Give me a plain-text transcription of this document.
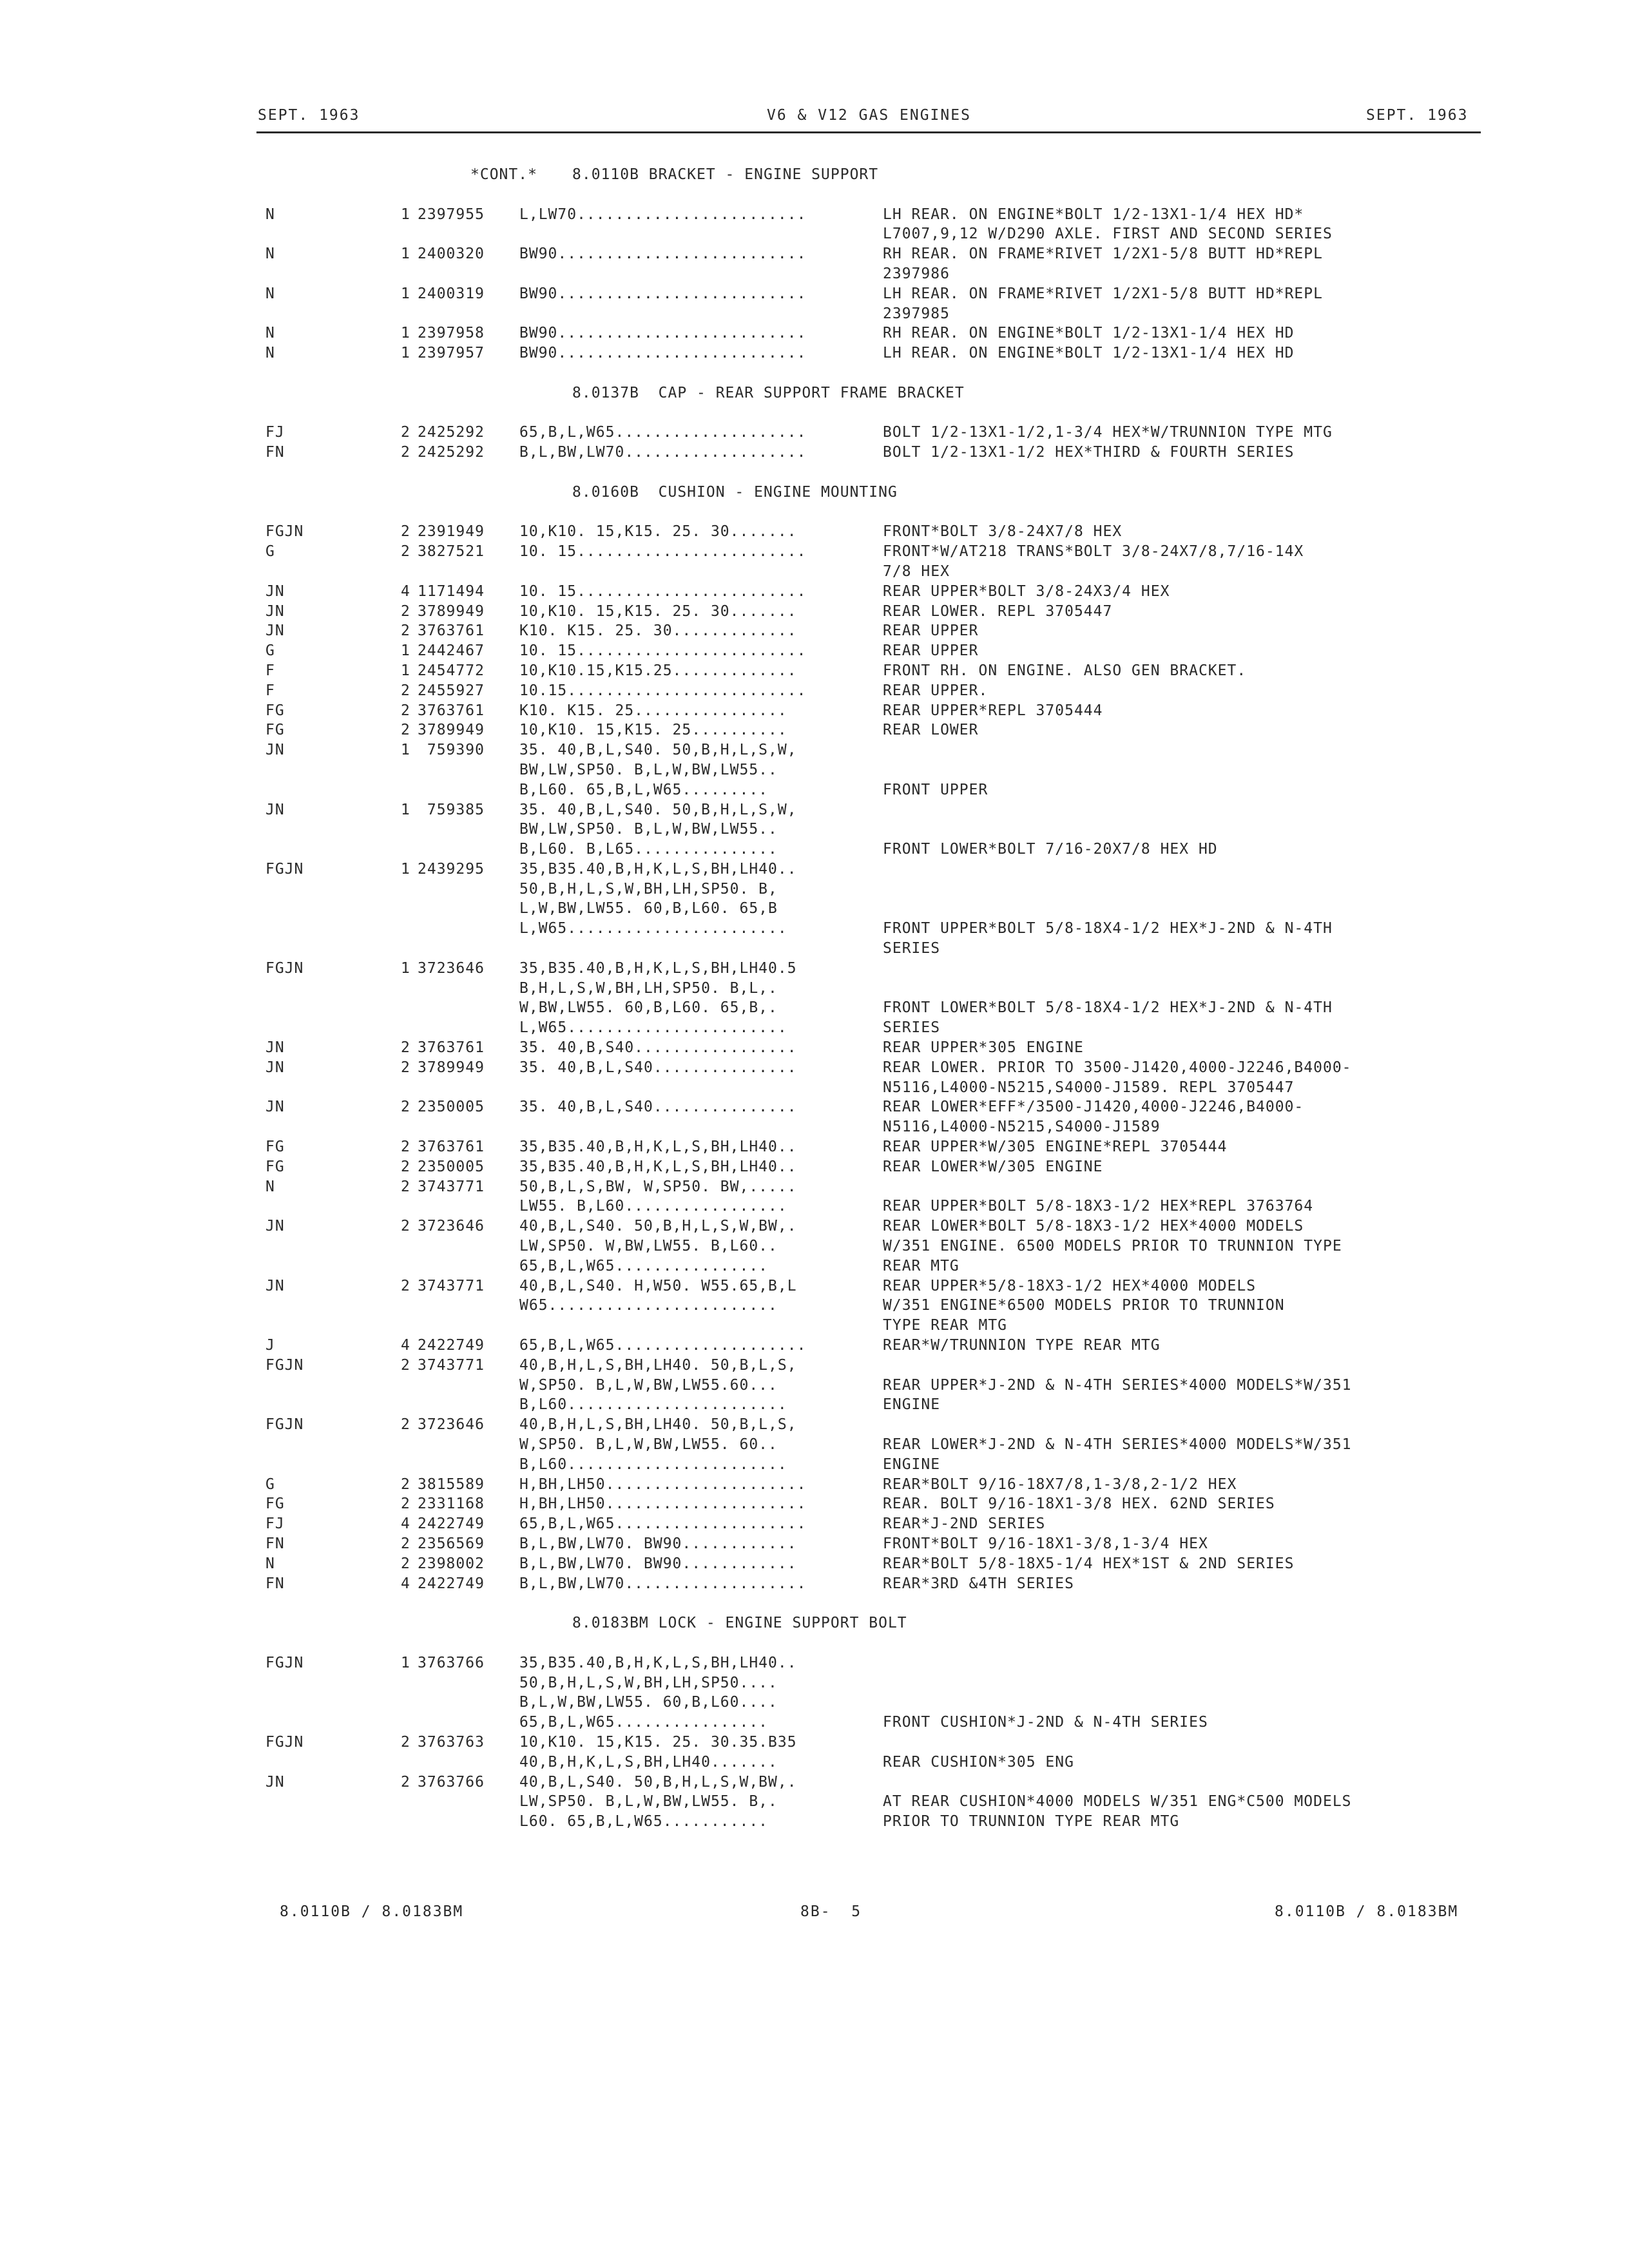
SEPT. 1963	V6 & V12 GAS ENGINES	SEPT. 1963
*CONT.* 8.0110B BRACKET - ENGINE SUPPORT
N	1 2397955 L,LW70........................	LH REAR. ON ENGINE*BOLT 1/2-13X1-1/4 HEX HD*
L7007,9,12 W/D290 AXLE. FIRST AND SECOND SERIES
N	1 2400320 BW90..........................	RH REAR. ON FRAME*RIVET 1/2X1-5/8 BUTT HD*REPL
2397986
N	1 2400319 BW90..........................	LH REAR. ON FRAME*RIVET 1/2X1-5/8 BUTT HD*REPL
2397985
N	1 2397958 BW90..........................	RH REAR. ON ENGINE*BOLT 1/2-13X1-1/4 HEX HD
N	1 2397957 BW90..........................	LH REAR. ON ENGINE*BOLT 1/2-13X1-1/4 HEX HD
8.0137B  CAP - REAR SUPPORT FRAME BRACKET
FJ	2 2425292 65,B,L,W65....................	BOLT 1/2-13X1-1/2,1-3/4 HEX*W/TRUNNION TYPE MTG
FN	2 2425292 B,L,BW,LW70...................	BOLT 1/2-13X1-1/2 HEX*THIRD & FOURTH SERIES
8.0160B  CUSHION - ENGINE MOUNTING
FGJN	2 2391949 10,K10. 15,K15. 25. 30.......	FRONT*BOLT 3/8-24X7/8 HEX
G	2 3827521 10. 15........................	FRONT*W/AT218 TRANS*BOLT 3/8-24X7/8,7/16-14X
7/8 HEX
JN	4 1171494 10. 15........................	REAR UPPER*BOLT 3/8-24X3/4 HEX
JN	2 3789949 10,K10. 15,K15. 25. 30.......	REAR LOWER. REPL 3705447
JN	2 3763761 K10. K15. 25. 30.............	REAR UPPER
G	1 2442467 10. 15........................	REAR UPPER
F	1 2454772 10,K10.15,K15.25.............	FRONT RH. ON ENGINE. ALSO GEN BRACKET.
F	2 2455927 10.15.........................	REAR UPPER.
FG	2 3763761 K10. K15. 25................	REAR UPPER*REPL 3705444
FG	2 3789949 10,K10. 15,K15. 25..........	REAR LOWER
JN	1 759390 35. 40,B,L,S40. 50,B,H,L,S,W,
BW,LW,SP50. B,L,W,BW,LW55..
B,L60. 65,B,L,W65.........	FRONT UPPER
JN	1 759385 35. 40,B,L,S40. 50,B,H,L,S,W,
BW,LW,SP50. B,L,W,BW,LW55..
B,L60. B,L65...............	FRONT LOWER*BOLT 7/16-20X7/8 HEX HD
FGJN	1 2439295 35,B35.40,B,H,K,L,S,BH,LH40..
50,B,H,L,S,W,BH,LH,SP50. B,
L,W,BW,LW55. 60,B,L60. 65,B
L,W65.......................	FRONT UPPER*BOLT 5/8-18X4-1/2 HEX*J-2ND & N-4TH
SERIES
FGJN	1 3723646 35,B35.40,B,H,K,L,S,BH,LH40.5
B,H,L,S,W,BH,LH,SP50. B,L,.
W,BW,LW55. 60,B,L60. 65,B,.	FRONT LOWER*BOLT 5/8-18X4-1/2 HEX*J-2ND & N-4TH
L,W65.......................	SERIES
JN	2 3763761 35. 40,B,S40.................	REAR UPPER*305 ENGINE
JN	2 3789949 35. 40,B,L,S40...............	REAR LOWER. PRIOR TO 3500-J1420,4000-J2246,B4000-
N5116,L4000-N5215,S4000-J1589. REPL 3705447
JN	2 2350005 35. 40,B,L,S40...............	REAR LOWER*EFF*/3500-J1420,4000-J2246,B4000-
N5116,L4000-N5215,S4000-J1589
FG	2 3763761 35,B35.40,B,H,K,L,S,BH,LH40..	REAR UPPER*W/305 ENGINE*REPL 3705444
FG	2 2350005 35,B35.40,B,H,K,L,S,BH,LH40..	REAR LOWER*W/305 ENGINE
N	2 3743771 50,B,L,S,BW, W,SP50. BW,.....
LW55. B,L60.................	REAR UPPER*BOLT 5/8-18X3-1/2 HEX*REPL 3763764
JN	2 3723646 40,B,L,S40. 50,B,H,L,S,W,BW,.	REAR LOWER*BOLT 5/8-18X3-1/2 HEX*4000 MODELS
LW,SP50. W,BW,LW55. B,L60..	W/351 ENGINE. 6500 MODELS PRIOR TO TRUNNION TYPE
65,B,L,W65................	REAR MTG
JN	2 3743771 40,B,L,S40. H,W50. W55.65,B,L	REAR UPPER*5/8-18X3-1/2 HEX*4000 MODELS
W65........................	W/351 ENGINE*6500 MODELS PRIOR TO TRUNNION
TYPE REAR MTG
J	4 2422749 65,B,L,W65....................	REAR*W/TRUNNION TYPE REAR MTG
FGJN	2 3743771 40,B,H,L,S,BH,LH40. 50,B,L,S,
W,SP50. B,L,W,BW,LW55.60...	REAR UPPER*J-2ND & N-4TH SERIES*4000 MODELS*W/351
B,L60.......................	ENGINE
FGJN	2 3723646 40,B,H,L,S,BH,LH40. 50,B,L,S,
W,SP50. B,L,W,BW,LW55. 60..	REAR LOWER*J-2ND & N-4TH SERIES*4000 MODELS*W/351
B,L60.......................	ENGINE
G	2 3815589 H,BH,LH50.....................	REAR*BOLT 9/16-18X7/8,1-3/8,2-1/2 HEX
FG	2 2331168 H,BH,LH50.....................	REAR. BOLT 9/16-18X1-3/8 HEX. 62ND SERIES
FJ	4 2422749 65,B,L,W65....................	REAR*J-2ND SERIES
FN	2 2356569 B,L,BW,LW70. BW90............	FRONT*BOLT 9/16-18X1-3/8,1-3/4 HEX
N	2 2398002 B,L,BW,LW70. BW90............	REAR*BOLT 5/8-18X5-1/4 HEX*1ST & 2ND SERIES
FN	4 2422749 B,L,BW,LW70...................	REAR*3RD &4TH SERIES
8.0183BM LOCK - ENGINE SUPPORT BOLT
FGJN	1 3763766 35,B35.40,B,H,K,L,S,BH,LH40..
50,B,H,L,S,W,BH,LH,SP50....
B,L,W,BW,LW55. 60,B,L60....
65,B,L,W65................	FRONT CUSHION*J-2ND & N-4TH SERIES
FGJN	2 3763763 10,K10. 15,K15. 25. 30.35.B35
40,B,H,K,L,S,BH,LH40.......	REAR CUSHION*305 ENG
JN	2 3763766 40,B,L,S40. 50,B,H,L,S,W,BW,.
LW,SP50. B,L,W,BW,LW55. B,.	AT REAR CUSHION*4000 MODELS W/351 ENG*C500 MODELS
L60. 65,B,L,W65...........	PRIOR TO TRUNNION TYPE REAR MTG
8.0110B / 8.0183BM	8B-  5	8.0110B / 8.0183BM
